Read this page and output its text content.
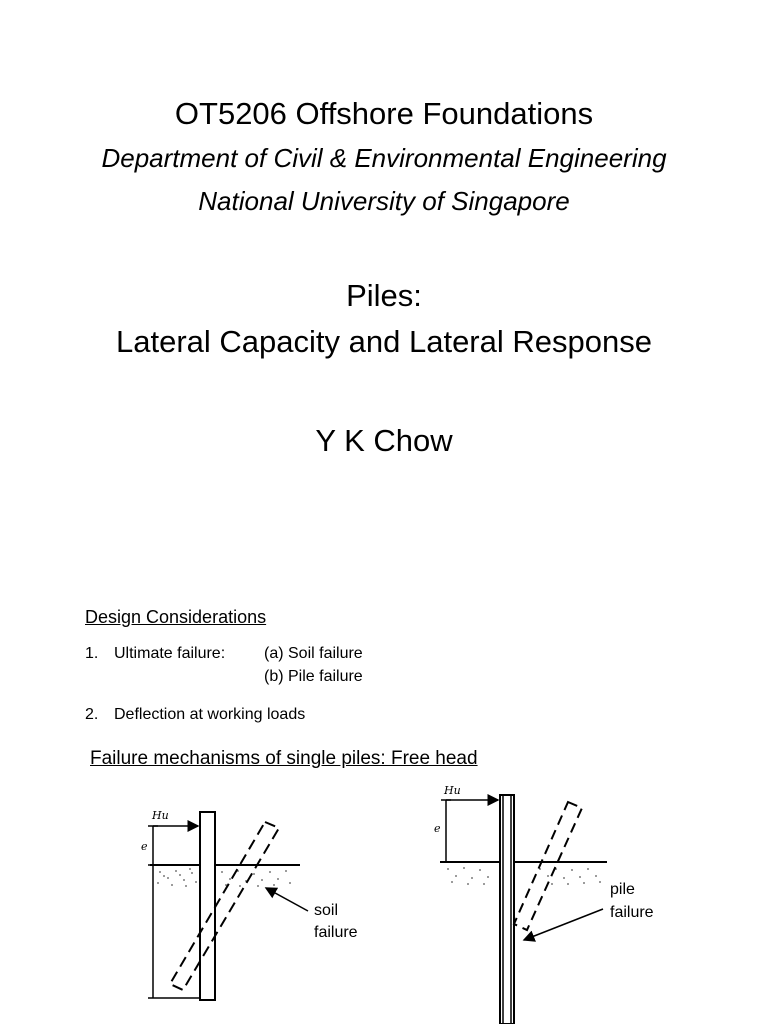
OT5206 Offshore Foundations
Department of Civil & Environmental Engineering
National University of Singapore
Piles:
Lateral Capacity and Lateral Response
Y K Chow
Design Considerations
1. Ultimate failure: (a) Soil failure
(b) Pile failure
2. Deflection at working loads
Failure mechanisms of single piles: Free head
Hu
e
Hu
e
soil
failure
pile
failure
